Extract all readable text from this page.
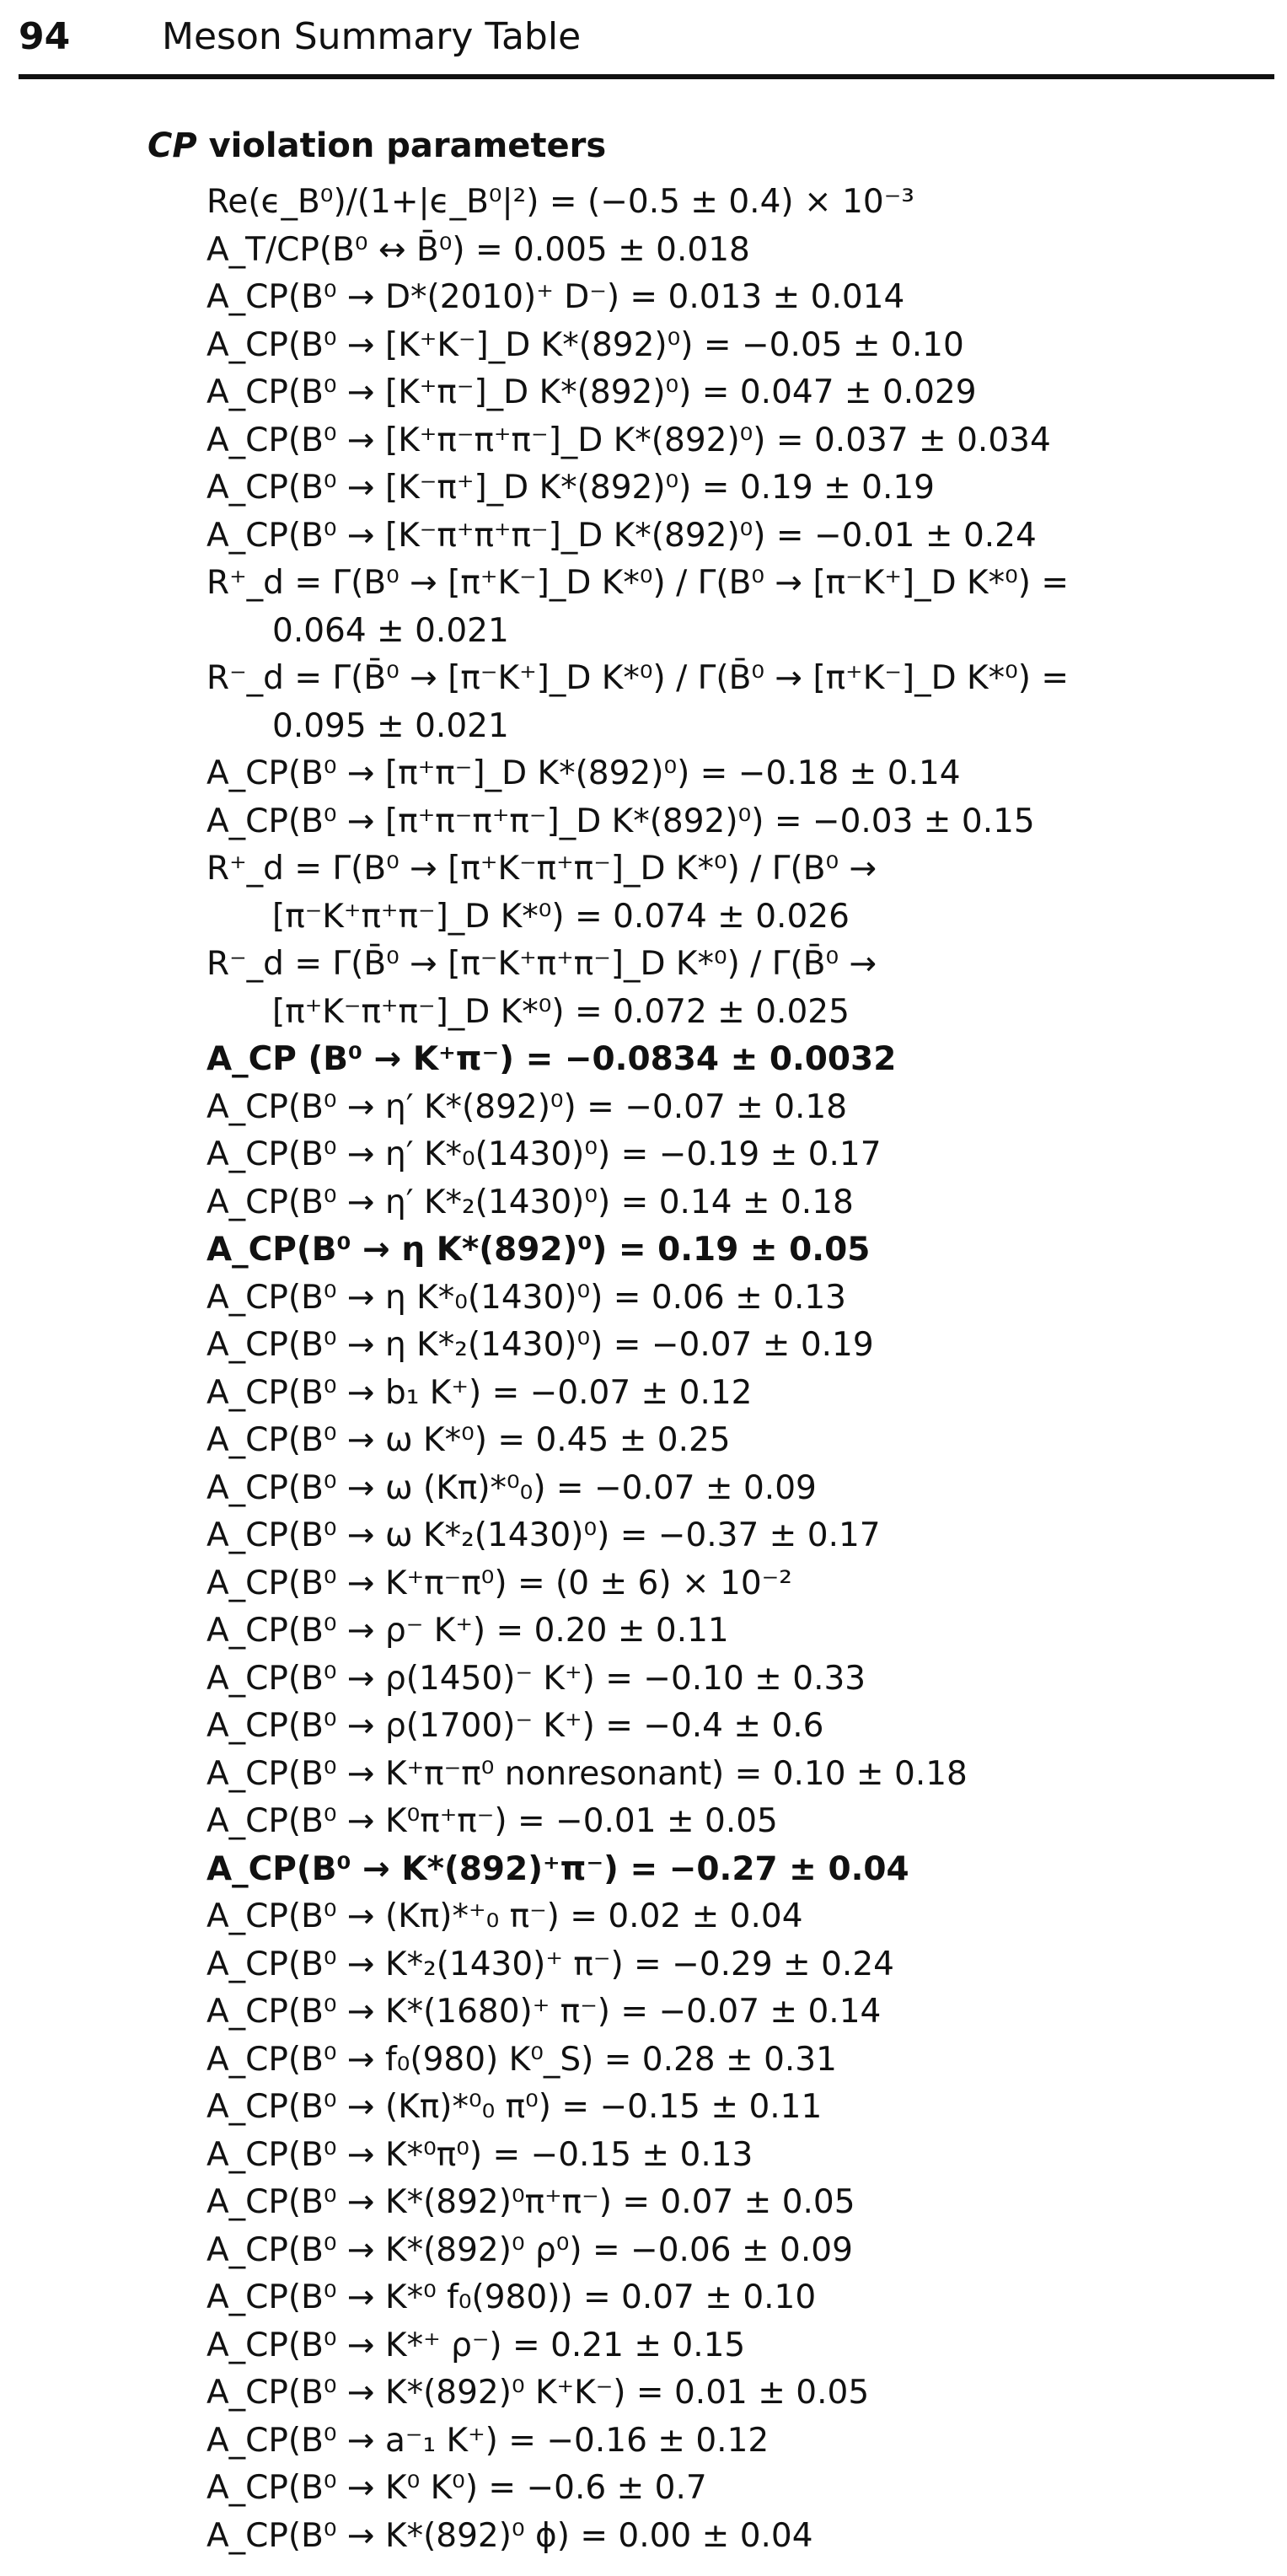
94 Meson Summary Table
CP violation parameters
Re(ϵ_B⁰)/(1+|ϵ_B⁰|²) = (−0.5 ± 0.4) × 10⁻³
A_T/CP(B⁰ ↔ B̄⁰) = 0.005 ± 0.018
A_CP(B⁰ → D*(2010)⁺ D⁻) = 0.013 ± 0.014
A_CP(B⁰ → [K⁺K⁻]_D K*(892)⁰) = −0.05 ± 0.10
A_CP(B⁰ → [K⁺π⁻]_D K*(892)⁰) = 0.047 ± 0.029
A_CP(B⁰ → [K⁺π⁻π⁺π⁻]_D K*(892)⁰) = 0.037 ± 0.034
A_CP(B⁰ → [K⁻π⁺]_D K*(892)⁰) = 0.19 ± 0.19
A_CP(B⁰ → [K⁻π⁺π⁺π⁻]_D K*(892)⁰) = −0.01 ± 0.24
R⁺_d = Γ(B⁰ → [π⁺K⁻]_D K*⁰) / Γ(B⁰ → [π⁻K⁺]_D K*⁰) =
0.064 ± 0.021
R⁻_d = Γ(B̄⁰ → [π⁻K⁺]_D K*⁰) / Γ(B̄⁰ → [π⁺K⁻]_D K*⁰) =
0.095 ± 0.021
A_CP(B⁰ → [π⁺π⁻]_D K*(892)⁰) = −0.18 ± 0.14
A_CP(B⁰ → [π⁺π⁻π⁺π⁻]_D K*(892)⁰) = −0.03 ± 0.15
R⁺_d = Γ(B⁰ → [π⁺K⁻π⁺π⁻]_D K*⁰) / Γ(B⁰ →
[π⁻K⁺π⁺π⁻]_D K*⁰) = 0.074 ± 0.026
R⁻_d = Γ(B̄⁰ → [π⁻K⁺π⁺π⁻]_D K*⁰) / Γ(B̄⁰ →
[π⁺K⁻π⁺π⁻]_D K*⁰) = 0.072 ± 0.025
A_CP (B⁰ → K⁺π⁻) = −0.0834 ± 0.0032
A_CP(B⁰ → η′ K*(892)⁰) = −0.07 ± 0.18
A_CP(B⁰ → η′ K*₀(1430)⁰) = −0.19 ± 0.17
A_CP(B⁰ → η′ K*₂(1430)⁰) = 0.14 ± 0.18
A_CP(B⁰ → η K*(892)⁰) = 0.19 ± 0.05
A_CP(B⁰ → η K*₀(1430)⁰) = 0.06 ± 0.13
A_CP(B⁰ → η K*₂(1430)⁰) = −0.07 ± 0.19
A_CP(B⁰ → b₁ K⁺) = −0.07 ± 0.12
A_CP(B⁰ → ω K*⁰) = 0.45 ± 0.25
A_CP(B⁰ → ω (Kπ)*⁰₀) = −0.07 ± 0.09
A_CP(B⁰ → ω K*₂(1430)⁰) = −0.37 ± 0.17
A_CP(B⁰ → K⁺π⁻π⁰) = (0 ± 6) × 10⁻²
A_CP(B⁰ → ρ⁻ K⁺) = 0.20 ± 0.11
A_CP(B⁰ → ρ(1450)⁻ K⁺) = −0.10 ± 0.33
A_CP(B⁰ → ρ(1700)⁻ K⁺) = −0.4 ± 0.6
A_CP(B⁰ → K⁺π⁻π⁰ nonresonant) = 0.10 ± 0.18
A_CP(B⁰ → K⁰π⁺π⁻) = −0.01 ± 0.05
A_CP(B⁰ → K*(892)⁺π⁻) = −0.27 ± 0.04
A_CP(B⁰ → (Kπ)*⁺₀ π⁻) = 0.02 ± 0.04
A_CP(B⁰ → K*₂(1430)⁺ π⁻) = −0.29 ± 0.24
A_CP(B⁰ → K*(1680)⁺ π⁻) = −0.07 ± 0.14
A_CP(B⁰ → f₀(980) K⁰_S) = 0.28 ± 0.31
A_CP(B⁰ → (Kπ)*⁰₀ π⁰) = −0.15 ± 0.11
A_CP(B⁰ → K*⁰π⁰) = −0.15 ± 0.13
A_CP(B⁰ → K*(892)⁰π⁺π⁻) = 0.07 ± 0.05
A_CP(B⁰ → K*(892)⁰ ρ⁰) = −0.06 ± 0.09
A_CP(B⁰ → K*⁰ f₀(980)) = 0.07 ± 0.10
A_CP(B⁰ → K*⁺ ρ⁻) = 0.21 ± 0.15
A_CP(B⁰ → K*(892)⁰ K⁺K⁻) = 0.01 ± 0.05
A_CP(B⁰ → a⁻₁ K⁺) = −0.16 ± 0.12
A_CP(B⁰ → K⁰ K⁰) = −0.6 ± 0.7
A_CP(B⁰ → K*(892)⁰ ϕ) = 0.00 ± 0.04
